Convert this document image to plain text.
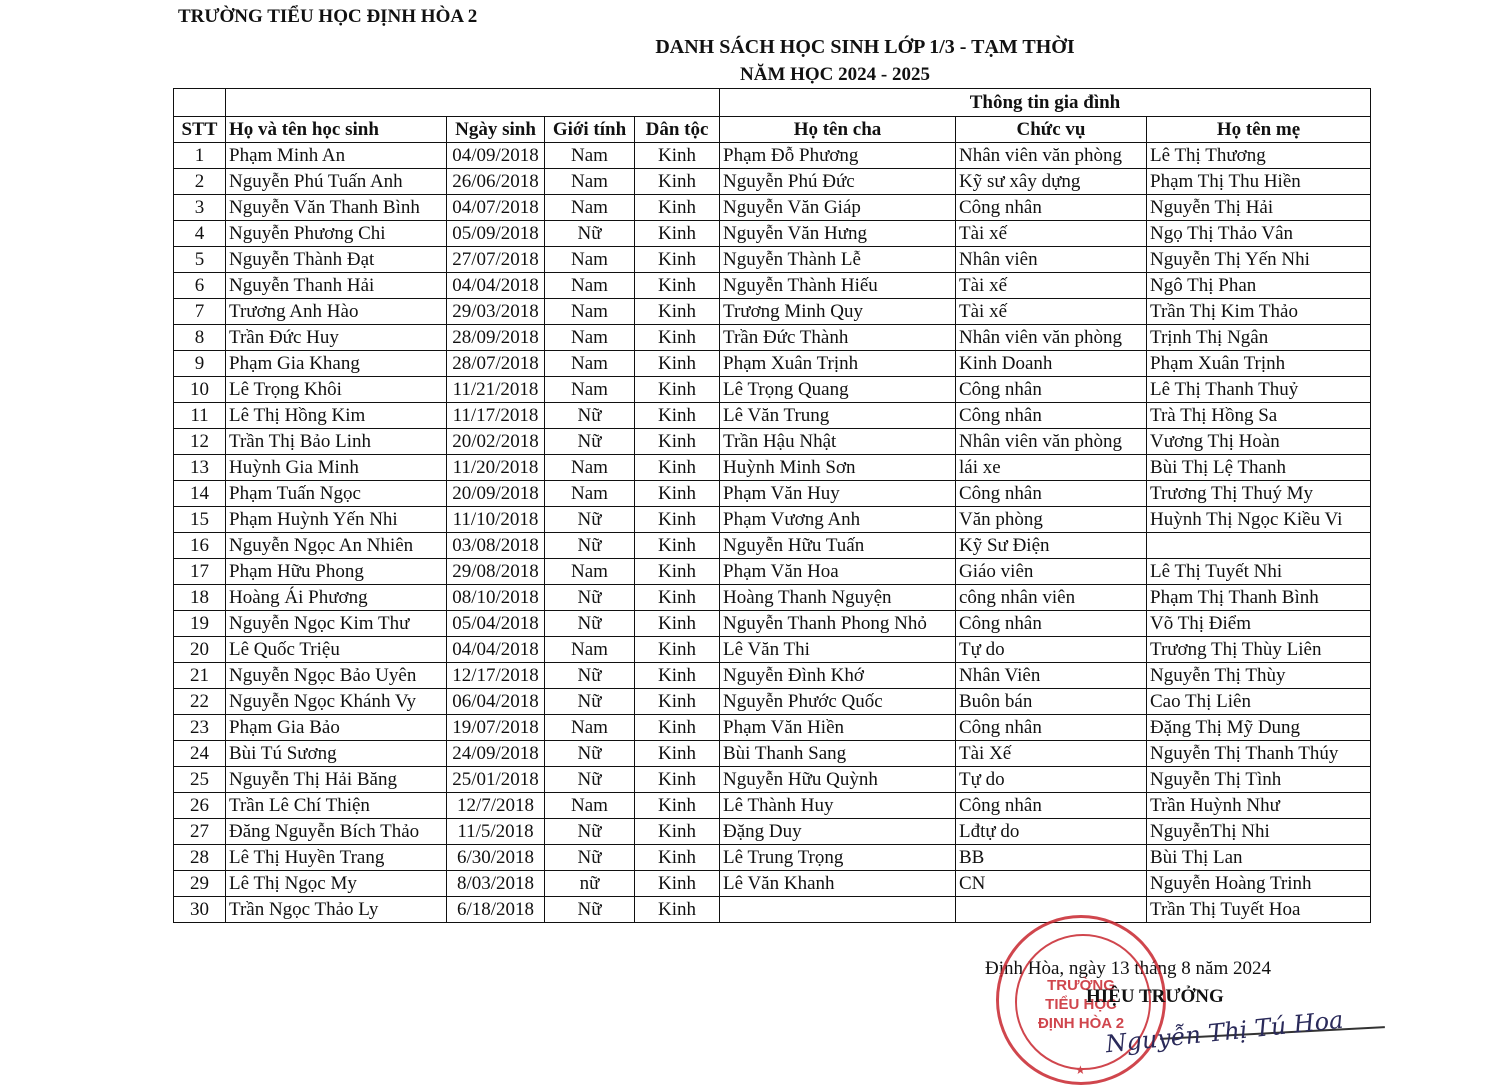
TRƯỜNG TIỂU HỌC ĐỊNH HÒA 2
DANH SÁCH HỌC SINH LỚP 1/3 - TẠM THỜI
NĂM HỌC 2024 - 2025
					Thông tin gia đình		
STT	Họ và tên học sinh	Ngày sinh	Giới tính	Dân tộc	Họ tên cha	Chức vụ	Họ tên mẹ
1	Phạm Minh An	04/09/2018	Nam	Kinh	Phạm Đỗ Phương	Nhân viên văn phòng	Lê Thị Thương
2	Nguyễn Phú Tuấn Anh	26/06/2018	Nam	Kinh	Nguyễn Phú Đức	Kỹ sư xây dựng	Phạm Thị Thu Hiền
3	Nguyễn Văn Thanh Bình	04/07/2018	Nam	Kinh	Nguyễn Văn Giáp	Công nhân	Nguyễn Thị Hải
4	Nguyễn Phương Chi	05/09/2018	Nữ	Kinh	Nguyễn Văn Hưng	Tài xế	Ngọ Thị Thảo Vân
5	Nguyễn Thành Đạt	27/07/2018	Nam	Kinh	Nguyễn Thành Lễ	Nhân viên	Nguyễn Thị Yến Nhi
6	Nguyễn Thanh Hải	04/04/2018	Nam	Kinh	Nguyễn Thành Hiếu	Tài xế	Ngô Thị Phan
7	Trương Anh Hào	29/03/2018	Nam	Kinh	Trương Minh Quy	Tài xế	Trần Thị Kim Thảo
8	Trần Đức Huy	28/09/2018	Nam	Kinh	Trần Đức Thành	Nhân viên văn phòng	Trịnh Thị Ngân
9	Phạm Gia Khang	28/07/2018	Nam	Kinh	Phạm Xuân Trịnh	Kinh Doanh	Phạm Xuân Trịnh
10	Lê Trọng Khôi	11/21/2018	Nam	Kinh	Lê Trọng Quang	Công nhân	Lê Thị Thanh Thuỷ
11	Lê Thị Hồng Kim	11/17/2018	Nữ	Kinh	Lê Văn Trung	Công nhân	Trà Thị Hồng Sa
12	Trần Thị Bảo Linh	20/02/2018	Nữ	Kinh	Trần Hậu Nhật	Nhân viên văn phòng	Vương Thị Hoàn
13	Huỳnh Gia Minh	11/20/2018	Nam	Kinh	Huỳnh Minh Sơn	lái xe	Bùi Thị Lệ Thanh
14	Phạm Tuấn Ngọc	20/09/2018	Nam	Kinh	Phạm Văn Huy	Công nhân	Trương Thị Thuý My
15	Phạm Huỳnh Yến Nhi	11/10/2018	Nữ	Kinh	Phạm Vương Anh	Văn phòng	Huỳnh Thị Ngọc Kiều Vi
16	Nguyễn Ngọc An Nhiên	03/08/2018	Nữ	Kinh	Nguyễn Hữu Tuấn	Kỹ Sư Điện	
17	Phạm Hữu Phong	29/08/2018	Nam	Kinh	Phạm Văn Hoa	Giáo viên	Lê Thị Tuyết Nhi
18	Hoàng Ái Phương	08/10/2018	Nữ	Kinh	Hoàng Thanh Nguyện	công nhân viên	Phạm Thị Thanh Bình
19	Nguyễn Ngọc Kim Thư	05/04/2018	Nữ	Kinh	Nguyễn Thanh Phong Nhỏ	Công nhân	Võ Thị Điểm
20	Lê Quốc Triệu	04/04/2018	Nam	Kinh	Lê Văn Thi	Tự do	Trương Thị Thùy Liên
21	Nguyễn Ngọc Bảo Uyên	12/17/2018	Nữ	Kinh	Nguyễn Đình Khớ	Nhân Viên	Nguyễn Thị Thùy
22	Nguyễn Ngọc Khánh Vy	06/04/2018	Nữ	Kinh	Nguyễn Phước Quốc	Buôn bán	Cao Thị Liên
23	Phạm Gia Bảo	19/07/2018	Nam	Kinh	Phạm Văn Hiền	Công nhân	Đặng Thị Mỹ Dung
24	Bùi Tú Sương	24/09/2018	Nữ	Kinh	Bùi Thanh Sang	Tài Xế	Nguyễn Thị Thanh Thúy
25	Nguyễn Thị Hải Băng	25/01/2018	Nữ	Kinh	Nguyễn Hữu Quỳnh	Tự do	Nguyễn Thị Tình
26	Trần Lê Chí Thiện	12/7/2018	Nam	Kinh	Lê Thành Huy	Công nhân	Trần Huỳnh Như
27	Đăng Nguyễn Bích Thảo	11/5/2018	Nữ	Kinh	Đặng Duy	Lđtự do	NguyễnThị Nhi
28	Lê Thị Huyền Trang	6/30/2018	Nữ	Kinh	Lê Trung Trọng	BB	Bùi Thị Lan
29	Lê Thị Ngọc My	8/03/2018	nữ	Kinh	Lê Văn Khanh	CN	Nguyễn Hoàng Trinh
30	Trần Ngọc Thảo Ly	6/18/2018	Nữ	Kinh			Trần Thị Tuyết Hoa
Định Hòa, ngày 13 tháng 8 năm 2024
TRƯỜNG
TIỂU HỌC
ĐỊNH HÒA 2
★
HIỆU TRƯỞNG
Nguyễn Thị Tú Hoa
